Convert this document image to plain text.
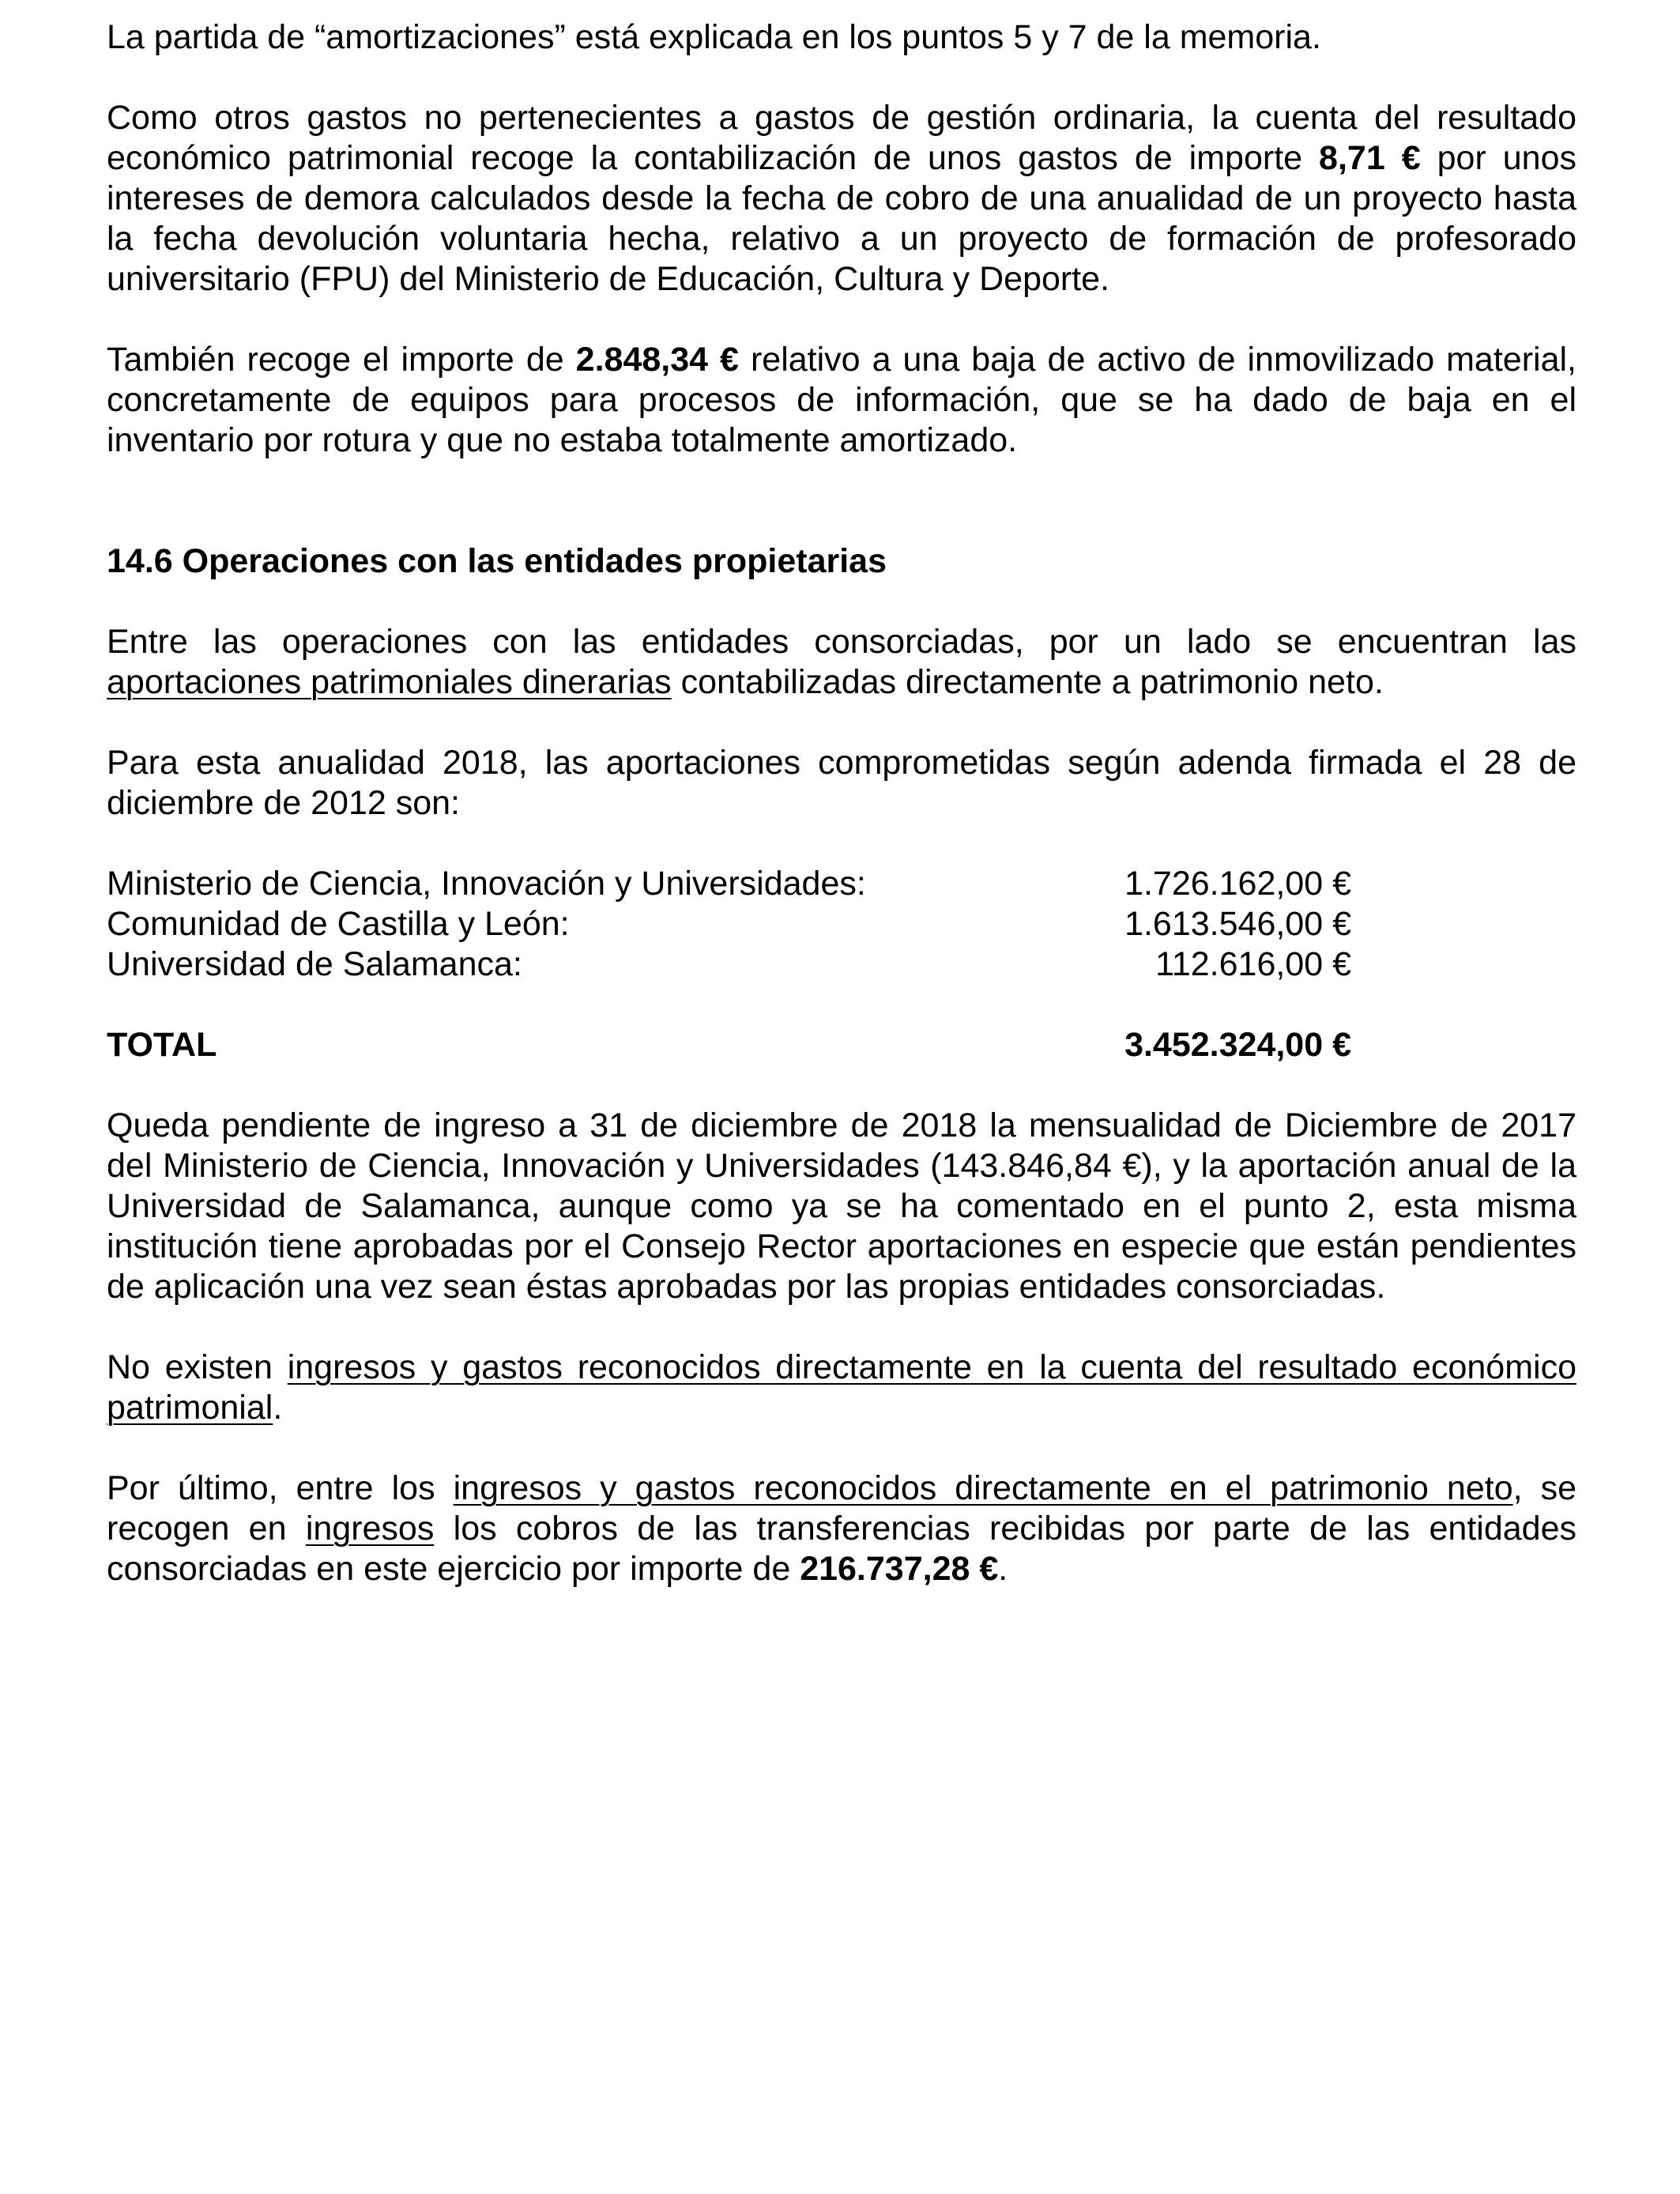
La partida de “amortizaciones” está explicada en los puntos 5 y 7 de la memoria.

Como otros gastos no pertenecientes a gastos de gestión ordinaria, la cuenta del resultado económico patrimonial recoge la contabilización de unos gastos de importe 8,71 € por unos intereses de demora calculados desde la fecha de cobro de una anualidad de un proyecto hasta la fecha devolución voluntaria hecha, relativo a un proyecto de formación de profesorado universitario (FPU) del Ministerio de Educación, Cultura y Deporte.

También recoge el importe de 2.848,34 € relativo a una baja de activo de inmovilizado material, concretamente de equipos para procesos de información, que se ha dado de baja en el inventario por rotura y que no estaba totalmente amortizado.

14.6 Operaciones con las entidades propietarias

Entre las operaciones con las entidades consorciadas, por un lado se encuentran las aportaciones patrimoniales dinerarias contabilizadas directamente a patrimonio neto.

Para esta anualidad 2018, las aportaciones comprometidas según adenda firmada el 28 de diciembre de 2012 son:

Ministerio de Ciencia, Innovación y Universidades:	1.726.162,00 €
Comunidad de Castilla y León:	1.613.546,00 €
Universidad de Salamanca:	112.616,00 €
TOTAL	3.452.324,00 €

Queda pendiente de ingreso a 31 de diciembre de 2018 la mensualidad de Diciembre de 2017 del Ministerio de Ciencia, Innovación y Universidades (143.846,84 €), y la aportación anual de la Universidad de Salamanca, aunque como ya se ha comentado en el punto 2, esta misma institución tiene aprobadas por el Consejo Rector aportaciones en especie que están pendientes de aplicación una vez sean éstas aprobadas por las propias entidades consorciadas.

No existen ingresos y gastos reconocidos directamente en la cuenta del resultado económico patrimonial.

Por último, entre los ingresos y gastos reconocidos directamente en el patrimonio neto, se recogen en ingresos los cobros de las transferencias recibidas por parte de las entidades consorciadas en este ejercicio por importe de 216.737,28 €.
